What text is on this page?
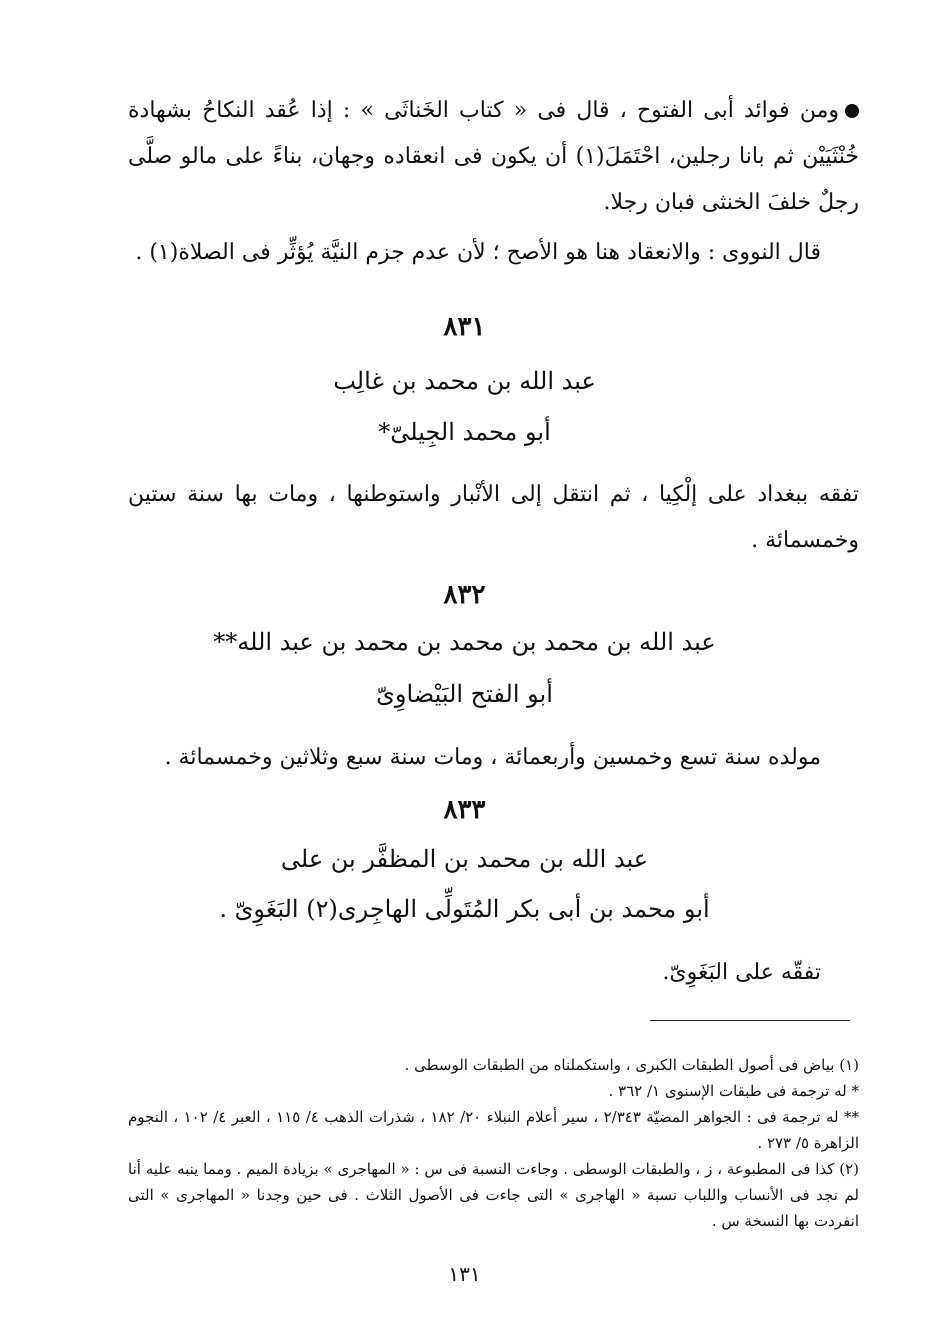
ومن فوائد أبى الفتوح ، قال فى « كتاب الخَناثَى » : إذا عُقد النكاحُ بشهادة خُنْثَيَيْن ثم بانا رجلين، احْتَمَلَ(١) أن يكون فى انعقاده وجهان، بناءً على مالو صلَّى رجلٌ خلفَ الخنثى فبان رجلا.

قال النووى : والانعقاد هنا هو الأصح ؛ لأن عدم جزم النيَّة يُؤثِّر فى الصلاة(١) .

٨٣١

عبد الله بن محمد بن غالِب

أبو محمد الجِيلىّ*

تفقه ببغداد على إلْكِيا ، ثم انتقل إلى الأنْبار واستوطنها ، ومات بها سنة ستين وخمسمائة .

٨٣٢

عبد الله بن محمد بن محمد بن محمد بن عبد الله**

أبو الفتح البَيْضاوِىّ

مولده سنة تسع وخمسين وأربعمائة ، ومات سنة سبع وثلاثين وخمسمائة .

٨٣٣

عبد الله بن محمد بن المظفَّر بن على

أبو محمد بن أبى بكر المُتَولِّى الهاجِرى(٢) البَغَوِىّ .

تفقّه على البَغَوِىّ.

(١) بياض فى أصول الطبقات الكبرى ، واستكملناه من الطبقات الوسطى .

* له ترجمة فى طبقات الإسنوى ١/ ٣٦٢ .

** له ترجمة فى : الجواهر المضيّة ٢/٣٤٣ ، سير أعلام النبلاء ٢٠/ ١٨٢ ، شذرات الذهب ٤/ ١١٥ ، العبر ٤/ ١٠٢ ، النجوم الزاهرة ٥/ ٢٧٣ .

(٢) كذا فى المطبوعة ، ز ، والطبقات الوسطى . وجاءت النسبة فى س : « المهاجرى » بزيادة الميم . ومما ينبه عليه أنا لم نجد فى الأنساب واللباب نسبة « الهاجرى » التى جاءت فى الأصول الثلاث . فى حين وجدنا « المهاجرى » التى انفردت بها النسخة س .

١٣١
